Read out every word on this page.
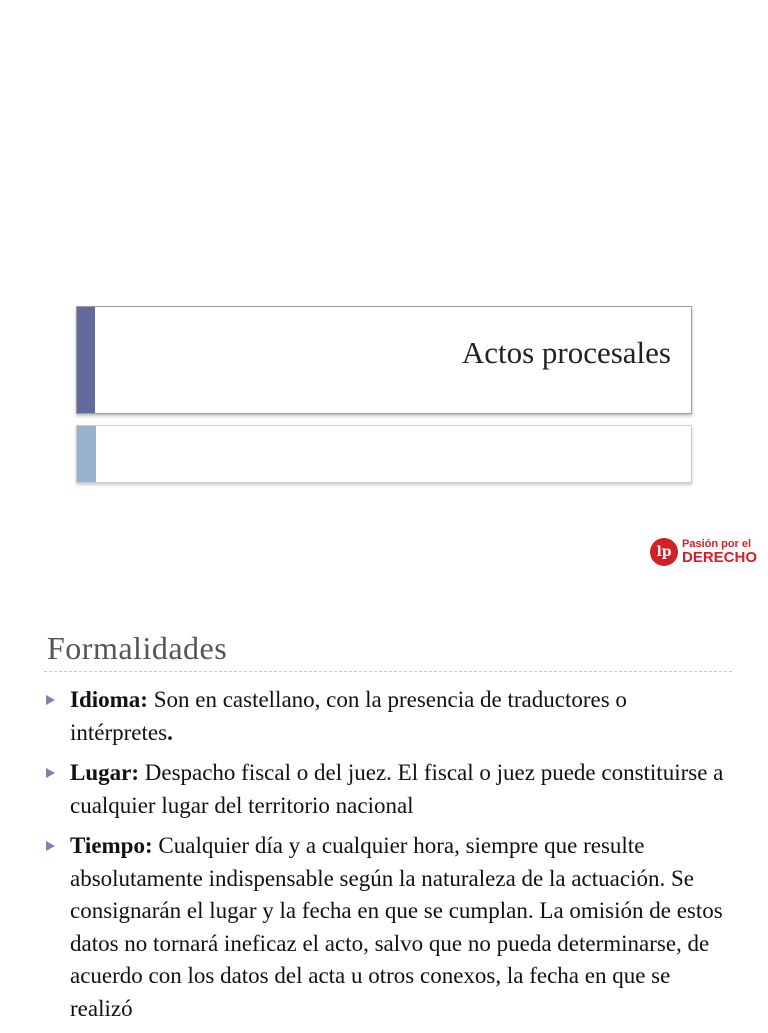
Actos procesales
lp Pasión por el
DERECHO
Formalidades
Idioma: Son en castellano, con la presencia de traductores o intérpretes.
Lugar: Despacho fiscal o del juez. El fiscal o juez puede constituirse a cualquier lugar del territorio nacional
Tiempo: Cualquier día y a cualquier hora, siempre que resulte absolutamente indispensable según la naturaleza de la actuación. Se consignarán el lugar y la fecha en que se cumplan. La omisión de estos datos no tornará ineficaz el acto, salvo que no pueda determinarse, de acuerdo con los datos del acta u otros conexos, la fecha en que se realizó
